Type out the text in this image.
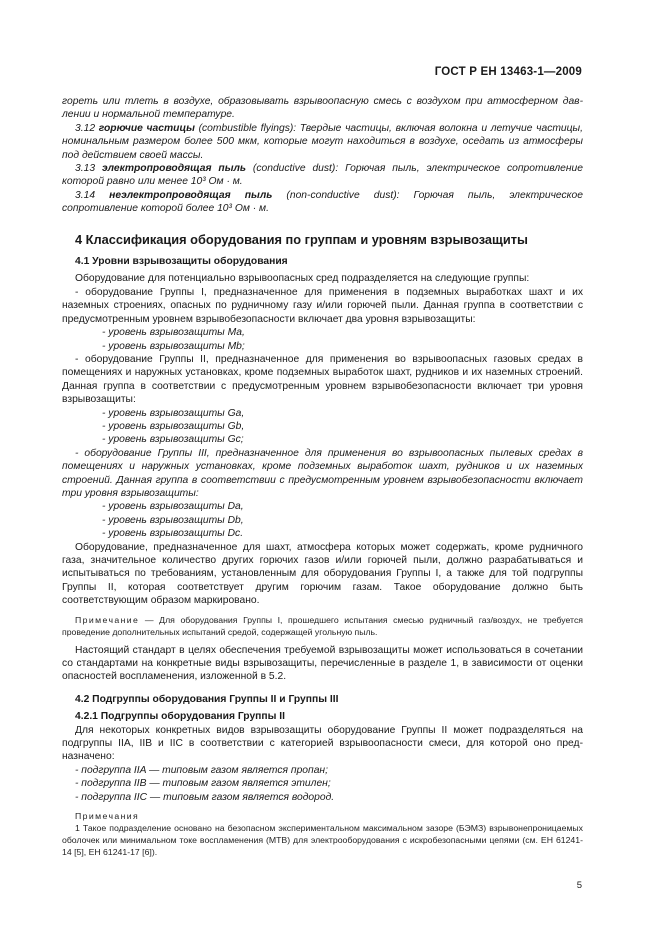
ГОСТ Р ЕН 13463-1—2009

гореть или тлеть в воздухе, образовывать взрывоопасную смесь с воздухом при атмосферном давлении и нормальной температуре.

3.12 горючие частицы (combustible flyings): Твердые частицы, включая волокна и летучие частицы, номинальным размером более 500 мкм, которые могут находиться в воздухе, оседать из атмосферы под действием своей массы.

3.13 электропроводящая пыль (conductive dust): Горючая пыль, электрическое сопротивление которой равно или менее 10³ Ом · м.

3.14 неэлектропроводящая пыль (non-conductive dust): Горючая пыль, электрическое сопротивление которой более 10³ Ом · м.

4 Классификация оборудования по группам и уровням взрывозащиты

4.1 Уровни взрывозащиты оборудования

Оборудование для потенциально взрывоопасных сред подразделяется на следующие группы:

- оборудование Группы I, предназначенное для применения в подземных выработках шахт и их наземных строениях, опасных по рудничному газу и/или горючей пыли. Данная группа в соответствии с предусмотренным уровнем взрывобезопасности включает два уровня взрывозащиты:

- уровень взрывозащиты Ма,

- уровень взрывозащиты Mb;

- оборудование Группы II, предназначенное для применения во взрывоопасных газовых средах в помещениях и наружных установках, кроме подземных выработок шахт, рудников и их наземных строений. Данная группа в соответствии с предусмотренным уровнем взрывобезопасности включает три уровня взрывозащиты:

- уровень взрывозащиты Ga,

- уровень взрывозащиты Gb,

- уровень взрывозащиты Gc;

- оборудование Группы III, предназначенное для применения во взрывоопасных пылевых средах в помещениях и наружных установках, кроме подземных выработок шахт, рудников и их наземных строений. Данная группа в соответствии с предусмотренным уровнем взрывобезопасности включает три уровня взрывозащиты:

- уровень взрывозащиты Da,

- уровень взрывозащиты Db,

- уровень взрывозащиты Dc.

Оборудование, предназначенное для шахт, атмосфера которых может содержать, кроме рудничного газа, значительное количество других горючих газов и/или горючей пыли, должно разрабатываться и испытываться по требованиям, установленным для оборудования Группы I, а также для той подгруппы Группы II, которая соответствует другим горючим газам. Такое оборудование должно быть соответствующим образом маркировано.

Примечание — Для оборудования Группы I, прошедшего испытания смесью рудничный газ/воздух, не требуется проведение дополнительных испытаний средой, содержащей угольную пыль.

Настоящий стандарт в целях обеспечения требуемой взрывозащиты может использоваться в сочетании со стандартами на конкретные виды взрывозащиты, перечисленные в разделе 1, в зависимости от оценки опасностей воспламенения, изложенной в 5.2.

4.2 Подгруппы оборудования Группы II и Группы III

4.2.1 Подгруппы оборудования Группы II

Для некоторых конкретных видов взрывозащиты оборудование Группы II может подразделяться на подгруппы IIA, IIB и IIC в соответствии с категорией взрывоопасности смеси, для которой оно предназначено:

- подгруппа IIA — типовым газом является пропан;

- подгруппа IIB — типовым газом является этилен;

- подгруппа IIC — типовым газом является водород.

Примечания

1 Такое подразделение основано на безопасном экспериментальном максимальном зазоре (БЭМЗ) взрывонепроницаемых оболочек или минимальном токе воспламенения (МТВ) для электрооборудования с искробезопасными цепями (см. ЕН 61241-14 [5], ЕН 61241-17 [6]).

5
